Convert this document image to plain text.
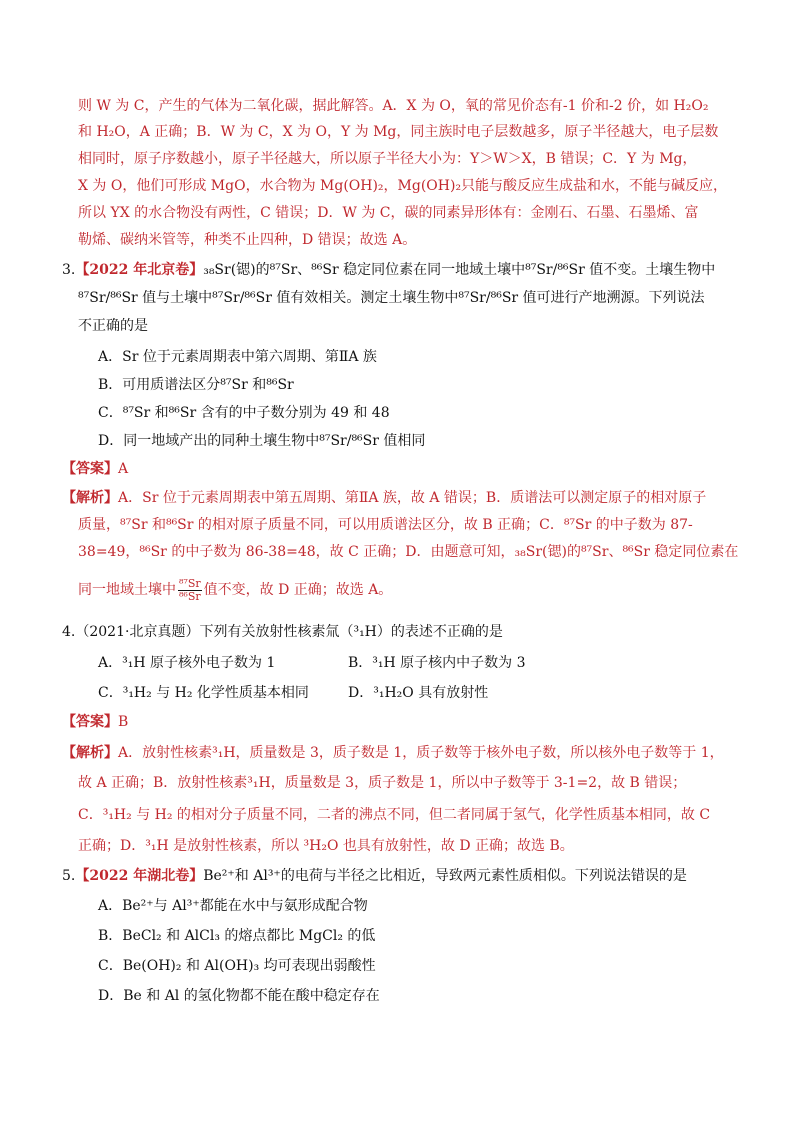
则 W 为 C，产生的气体为二氧化碳，据此解答。A．X 为 O，氧的常见价态有-1 价和-2 价，如 H₂O₂
和 H₂O，A 正确；B．W 为 C，X 为 O，Y 为 Mg，同主族时电子层数越多，原子半径越大，电子层数
相同时，原子序数越小，原子半径越大，所以原子半径大小为：Y＞W＞X，B 错误；C．Y 为 Mg，
X 为 O，他们可形成 MgO，水合物为 Mg(OH)₂，Mg(OH)₂只能与酸反应生成盐和水，不能与碱反应，
所以 YX 的水合物没有两性，C 错误；D．W 为 C，碳的同素异形体有：金刚石、石墨、石墨烯、富
勒烯、碳纳米管等，种类不止四种，D 错误；故选 A。
3.【2022 年北京卷】₃₈Sr(锶)的⁸⁷Sr、⁸⁶Sr 稳定同位素在同一地域土壤中⁸⁷Sr/⁸⁶Sr 值不变。土壤生物中
⁸⁷Sr/⁸⁶Sr 值与土壤中⁸⁷Sr/⁸⁶Sr 值有效相关。测定土壤生物中⁸⁷Sr/⁸⁶Sr 值可进行产地溯源。下列说法
不正确的是
A．Sr 位于元素周期表中第六周期、第ⅡA 族
B．可用质谱法区分⁸⁷Sr 和⁸⁶Sr
C．⁸⁷Sr 和⁸⁶Sr 含有的中子数分别为 49 和 48
D．同一地域产出的同种土壤生物中⁸⁷Sr/⁸⁶Sr 值相同
【答案】A
【解析】A．Sr 位于元素周期表中第五周期、第ⅡA 族，故 A 错误；B．质谱法可以测定原子的相对原子
质量，⁸⁷Sr 和⁸⁶Sr 的相对原子质量不同，可以用质谱法区分，故 B 正确；C．⁸⁷Sr 的中子数为 87-
38=49，⁸⁶Sr 的中子数为 86-38=48，故 C 正确；D．由题意可知，₃₈Sr(锶)的⁸⁷Sr、⁸⁶Sr 稳定同位素在
同一地域土壤中 $\frac{\text{⁸⁷Sr}}{\text{⁸⁶Sr}}$ 值不变，故 D 正确；故选 A。
4.（2021·北京真题）下列有关放射性核素氚（³₁H）的表述不正确的是
A．³₁H 原子核外电子数为 1	B．³₁H 原子核内中子数为 3
C．³₁H₂ 与 H₂ 化学性质基本相同	D．³₁H₂O 具有放射性
【答案】B
【解析】A．放射性核素³₁H，质量数是 3，质子数是 1，质子数等于核外电子数，所以核外电子数等于 1，
故 A 正确；B．放射性核素³₁H，质量数是 3，质子数是 1，所以中子数等于 3-1=2，故 B 错误；
C．³₁H₂ 与 H₂ 的相对分子质量不同，二者的沸点不同，但二者同属于氢气，化学性质基本相同，故 C
正确；D．³₁H 是放射性核素，所以 ³H₂O 也具有放射性，故 D 正确；故选 B。
5.【2022 年湖北卷】Be²⁺和 Al³⁺的电荷与半径之比相近，导致两元素性质相似。下列说法错误的是
A．Be²⁺与 Al³⁺都能在水中与氨形成配合物
B．BeCl₂ 和 AlCl₃ 的熔点都比 MgCl₂ 的低
C．Be(OH)₂ 和 Al(OH)₃ 均可表现出弱酸性
D．Be 和 Al 的氢化物都不能在酸中稳定存在
